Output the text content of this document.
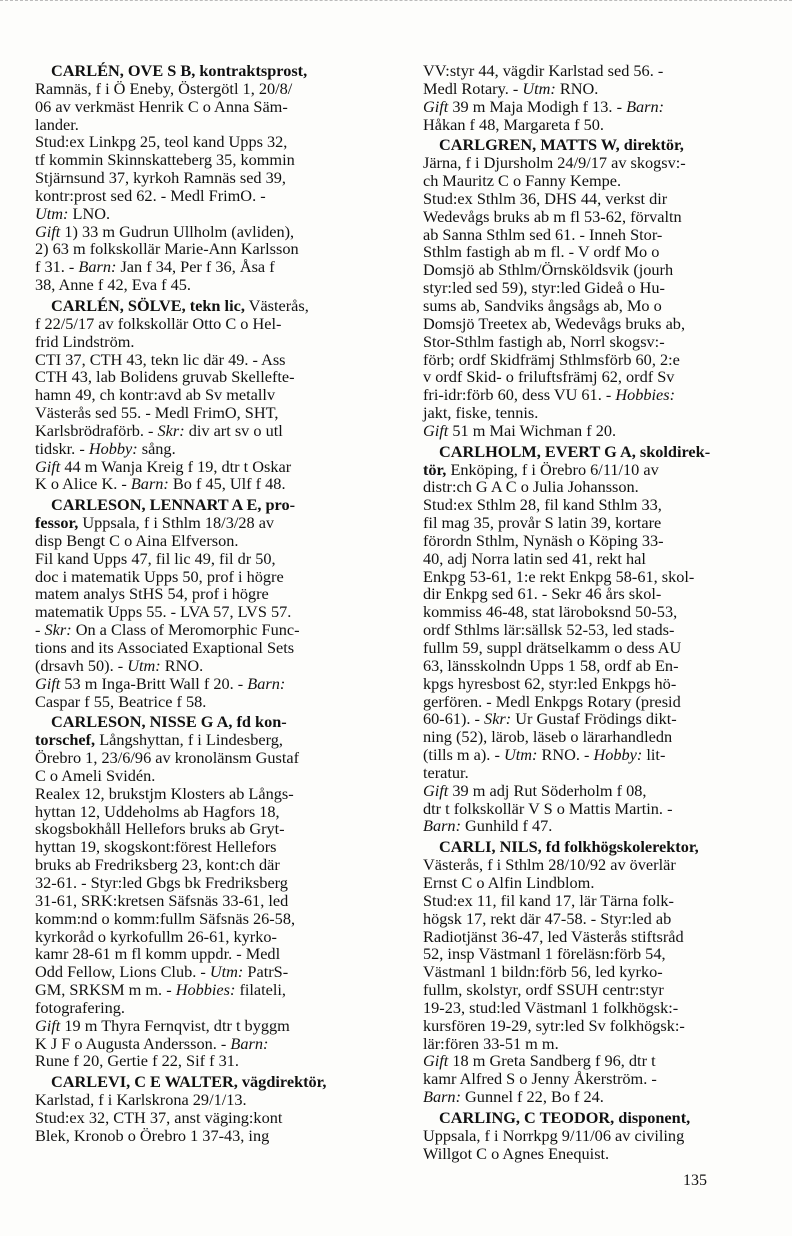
CARLÉN, OVE S B, kontraktsprost,
Ramnäs, f i Ö Eneby, Östergötl 1, 20/8/
06 av verkmäst Henrik C o Anna Säm-
lander.
Stud:ex Linkpg 25, teol kand Upps 32,
tf kommin Skinnskatteberg 35, kommin
Stjärnsund 37, kyrkoh Ramnäs sed 39,
kontr:prost sed 62. - Medl FrimO. -
Utm: LNO.
Gift 1) 33 m Gudrun Ullholm (avliden),
2) 63 m folkskollär Marie-Ann Karlsson
f 31. - Barn: Jan f 34, Per f 36, Åsa f
38, Anne f 42, Eva f 45.
CARLÉN, SÖLVE, tekn lic, Västerås,
f 22/5/17 av folkskollär Otto C o Hel-
frid Lindström.
CTI 37, CTH 43, tekn lic där 49. - Ass
CTH 43, lab Bolidens gruvab Skellefte-
hamn 49, ch kontr:avd ab Sv metallv
Västerås sed 55. - Medl FrimO, SHT,
Karlsbrödraförb. - Skr: div art sv o utl
tidskr. - Hobby: sång.
Gift 44 m Wanja Kreig f 19, dtr t Oskar
K o Alice K. - Barn: Bo f 45, Ulf f 48.
CARLESON, LENNART A E, pro-
fessor, Uppsala, f i Sthlm 18/3/28 av
disp Bengt C o Aina Elfverson.
Fil kand Upps 47, fil lic 49, fil dr 50,
doc i matematik Upps 50, prof i högre
matem analys StHS 54, prof i högre
matematik Upps 55. - LVA 57, LVS 57.
- Skr: On a Class of Meromorphic Func-
tions and its Associated Exaptional Sets
(drsavh 50). - Utm: RNO.
Gift 53 m Inga-Britt Wall f 20. - Barn:
Caspar f 55, Beatrice f 58.
CARLESON, NISSE G A, fd kon-
torschef, Långshyttan, f i Lindesberg,
Örebro 1, 23/6/96 av kronolänsm Gustaf
C o Ameli Svidén.
Realex 12, brukstjm Klosters ab Långs-
hyttan 12, Uddeholms ab Hagfors 18,
skogsbokhåll Hellefors bruks ab Gryt-
hyttan 19, skogskont:förest Hellefors
bruks ab Fredriksberg 23, kont:ch där
32-61. - Styr:led Gbgs bk Fredriksberg
31-61, SRK:kretsen Säfsnäs 33-61, led
komm:nd o komm:fullm Säfsnäs 26-58,
kyrkoråd o kyrkofullm 26-61, kyrko-
kamr 28-61 m fl komm uppdr. - Medl
Odd Fellow, Lions Club. - Utm: PatrS-
GM, SRKSM m m. - Hobbies: filateli,
fotografering.
Gift 19 m Thyra Fernqvist, dtr t byggm
K J F o Augusta Andersson. - Barn:
Rune f 20, Gertie f 22, Sif f 31.
CARLEVI, C E WALTER, vägdirektör,
Karlstad, f i Karlskrona 29/1/13.
Stud:ex 32, CTH 37, anst väging:kont
Blek, Kronob o Örebro 1 37-43, ing
VV:styr 44, vägdir Karlstad sed 56. -
Medl Rotary. - Utm: RNO.
Gift 39 m Maja Modigh f 13. - Barn:
Håkan f 48, Margareta f 50.
CARLGREN, MATTS W, direktör,
Järna, f i Djursholm 24/9/17 av skogsv:-
ch Mauritz C o Fanny Kempe.
Stud:ex Sthlm 36, DHS 44, verkst dir
Wedevågs bruks ab m fl 53-62, förvaltn
ab Sanna Sthlm sed 61. - Inneh Stor-
Sthlm fastigh ab m fl. - V ordf Mo o
Domsjö ab Sthlm/Örnsköldsvik (jourh
styr:led sed 59), styr:led Gideå o Hu-
sums ab, Sandviks ångsågs ab, Mo o
Domsjö Treetex ab, Wedevågs bruks ab,
Stor-Sthlm fastigh ab, Norrl skogsv:-
förb; ordf Skidfrämj Sthlmsförb 60, 2:e
v ordf Skid- o friluftsfrämj 62, ordf Sv
fri-idr:förb 60, dess VU 61. - Hobbies:
jakt, fiske, tennis.
Gift 51 m Mai Wichman f 20.
CARLHOLM, EVERT G A, skoldirek-
tör, Enköping, f i Örebro 6/11/10 av
distr:ch G A C o Julia Johansson.
Stud:ex Sthlm 28, fil kand Sthlm 33,
fil mag 35, provår S latin 39, kortare
förordn Sthlm, Nynäsh o Köping 33-
40, adj Norra latin sed 41, rekt hal
Enkpg 53-61, 1:e rekt Enkpg 58-61, skol-
dir Enkpg sed 61. - Sekr 46 års skol-
kommiss 46-48, stat läroboksnd 50-53,
ordf Sthlms lär:sällsk 52-53, led stads-
fullm 59, suppl drätselkamm o dess AU
63, länsskolndn Upps 1 58, ordf ab En-
kpgs hyresbost 62, styr:led Enkpgs hö-
gerfören. - Medl Enkpgs Rotary (presid
60-61). - Skr: Ur Gustaf Frödings dikt-
ning (52), lärob, läseb o lärarhandledn
(tills m a). - Utm: RNO. - Hobby: lit-
teratur.
Gift 39 m adj Rut Söderholm f 08,
dtr t folkskollär V S o Mattis Martin. -
Barn: Gunhild f 47.
CARLI, NILS, fd folkhögskolerektor,
Västerås, f i Sthlm 28/10/92 av överlär
Ernst C o Alfin Lindblom.
Stud:ex 11, fil kand 17, lär Tärna folk-
högsk 17, rekt där 47-58. - Styr:led ab
Radiotjänst 36-47, led Västerås stiftsråd
52, insp Västmanl 1 föreläsn:förb 54,
Västmanl 1 bildn:förb 56, led kyrko-
fullm, skolstyr, ordf SSUH centr:styr
19-23, stud:led Västmanl 1 folkhögsk:-
kursfören 19-29, sytr:led Sv folkhögsk:-
lär:fören 33-51 m m.
Gift 18 m Greta Sandberg f 96, dtr t
kamr Alfred S o Jenny Åkerström. -
Barn: Gunnel f 22, Bo f 24.
CARLING, C TEODOR, disponent,
Uppsala, f i Norrkpg 9/11/06 av civiling
Willgot C o Agnes Enequist.
135
